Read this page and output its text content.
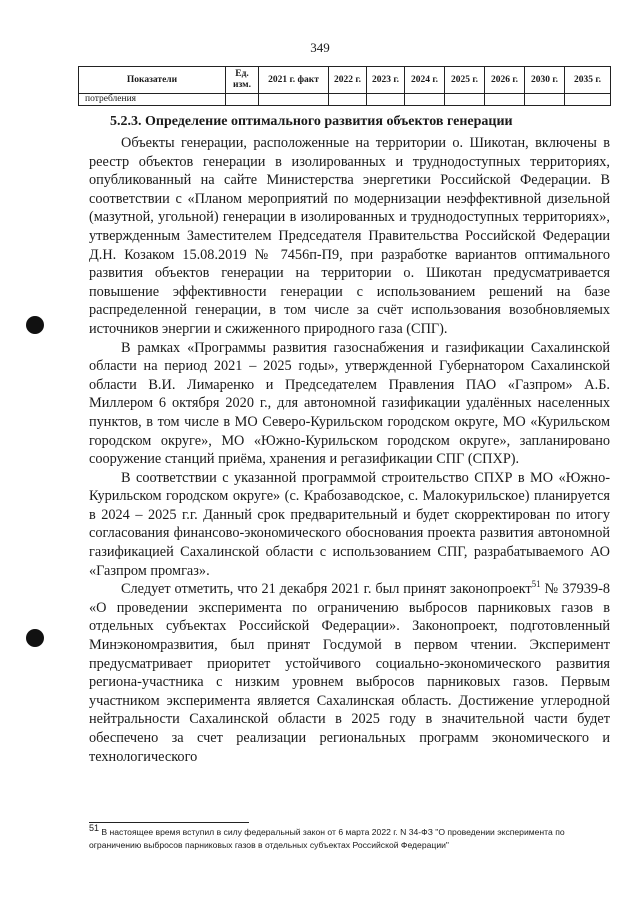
349
Показатели	Ед. изм.	2021 г. факт	2022 г.	2023 г.	2024 г.	2025 г.	2026 г.	2030 г.	2035 г.
потребления									
5.2.3. Определение оптимального развития объектов генерации

Объекты генерации, расположенные на территории о. Шикотан, включены в реестр объектов генерации в изолированных и труднодоступных территориях, опубликованный на сайте Министерства энергетики Российской Федерации. В соответствии с «Планом мероприятий по модернизации неэффективной дизельной (мазутной, угольной) генерации в изолированных и труднодоступных территориях», утвержденным Заместителем Председателя Правительства Российской Федерации Д.Н. Козаком 15.08.2019 № 7456п-П9, при разработке вариантов оптимального развития объектов генерации на территории о. Шикотан предусматривается повышение эффективности генерации с использованием решений на базе распределенной генерации, в том числе за счёт использования возобновляемых источников энергии и сжиженного природного газа (СПГ).

В рамках «Программы развития газоснабжения и газификации Сахалинской области на период 2021 – 2025 годы», утвержденной Губернатором Сахалинской области В.И. Лимаренко и Председателем Правления ПАО «Газпром» А.Б. Миллером 6 октября 2020 г., для автономной газификации удалённых населенных пунктов, в том числе в МО Северо-Курильском городском округе, МО «Курильском городском округе», МО «Южно-Курильском городском округе», запланировано сооружение станций приёма, хранения и регазификации СПГ (СПХР).

В соответствии с указанной программой строительство СПХР в МО «Южно-Курильском городском округе» (с. Крабозаводское, с. Малокурильское) планируется в 2024 – 2025 г.г. Данный срок предварительный и будет скорректирован по итогу согласования финансово-экономического обоснования проекта развития автономной газификацией Сахалинской области с использованием СПГ, разрабатываемого АО «Газпром промгаз».

Следует отметить, что 21 декабря 2021 г. был принят законопроект$^{51}$ № 37939-8 «О проведении эксперимента по ограничению выбросов парниковых газов в отдельных субъектах Российской Федерации». Законопроект, подготовленный Минэкономразвития, был принят Госдумой в первом чтении. Эксперимент предусматривает приоритет устойчивого социально-экономического развития региона-участника с низким уровнем выбросов парниковых газов. Первым участником эксперимента является Сахалинская область. Достижение углеродной нейтральности Сахалинской области в 2025 году в значительной части будет обеспечено за счет реализации региональных программ экономического и технологического

$^{51}$ В настоящее время вступил в силу федеральный закон от 6 марта 2022 г. N 34-ФЗ "О проведении эксперимента по ограничению выбросов парниковых газов в отдельных субъектах Российской Федерации"
